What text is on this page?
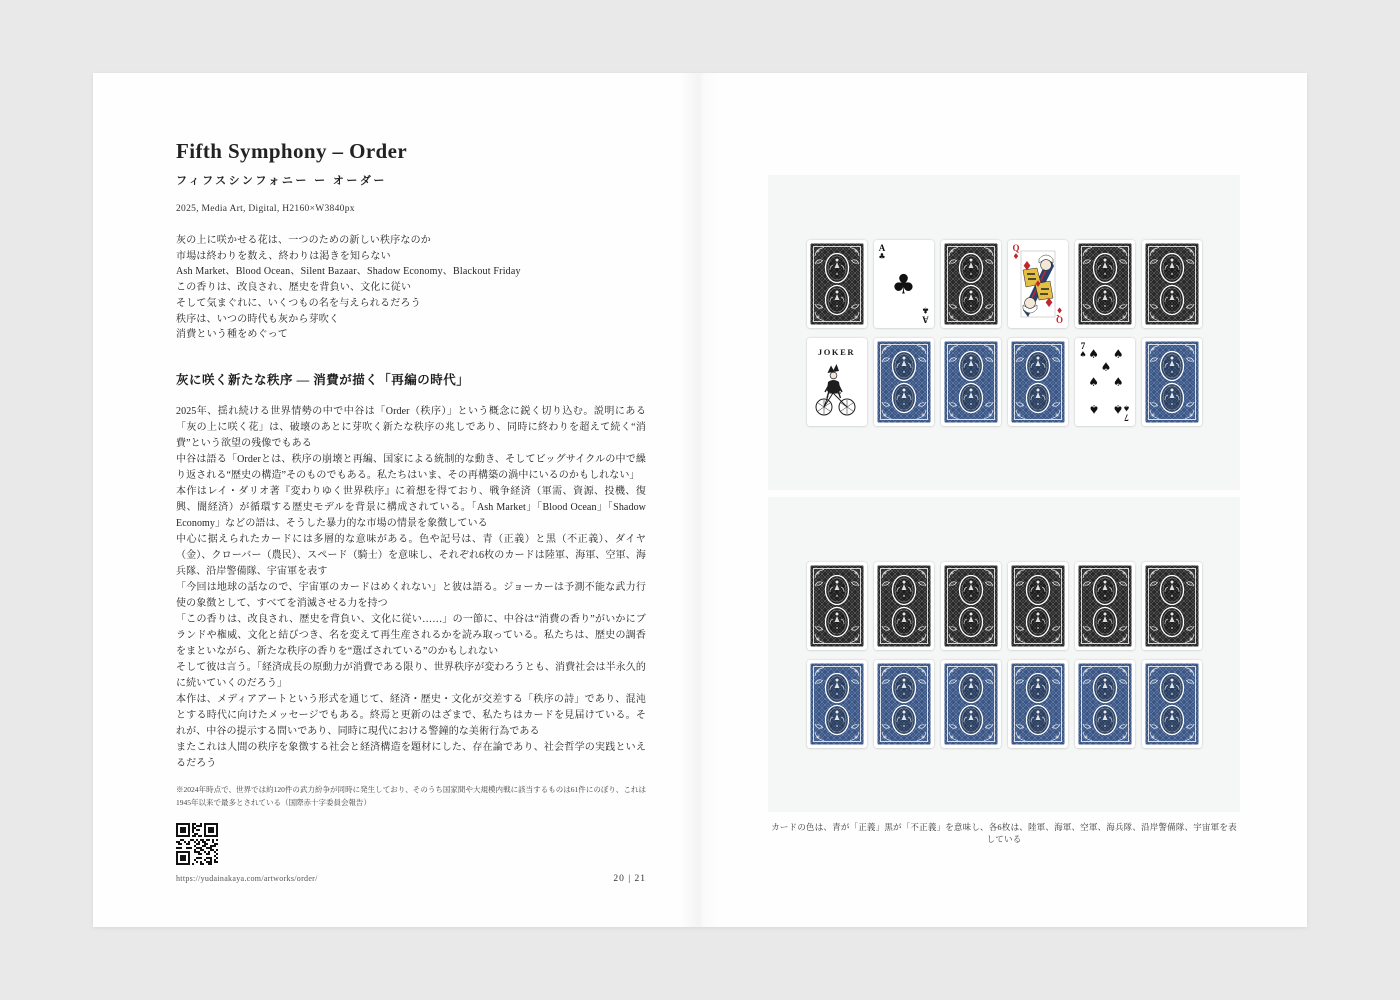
Fifth Symphony – Order
フィフスシンフォニー ー オーダー
2025, Media Art, Digital, H2160×W3840px
灰の上に咲かせる花は、一つのための新しい秩序なのか
市場は終わりを数え、終わりは渇きを知らない
Ash Market、Blood Ocean、Silent Bazaar、Shadow Economy、Blackout Friday
この香りは、改良され、歴史を背負い、文化に従い
そして気まぐれに、いくつもの名を与えられるだろう
秩序は、いつの時代も灰から芽吹く
消費という種をめぐって
灰に咲く新たな秩序 ― 消費が描く「再編の時代」
2025年、揺れ続ける世界情勢の中で中谷は「Order（秩序）」という概念に鋭く切り込む。説明にある「灰の上に咲く花」は、破壊のあとに芽吹く新たな秩序の兆しであり、同時に終わりを超えて続く“消費”という欲望の残像でもある
中谷は語る「Orderとは、秩序の崩壊と再編、国家による統制的な動き、そしてビッグサイクルの中で繰り返される“歴史の構造”そのものでもある。私たちはいま、その再構築の渦中にいるのかもしれない」
本作はレイ・ダリオ著『変わりゆく世界秩序』に着想を得ており、戦争経済（軍需、資源、投機、復興、闇経済）が循環する歴史モデルを背景に構成されている。「Ash Market」「Blood Ocean」「Shadow Economy」などの語は、そうした暴力的な市場の情景を象徴している
中心に据えられたカードには多層的な意味がある。色や記号は、青（正義）と黒（不正義）、ダイヤ（金）、クローバー（農民）、スペード（騎士）を意味し、それぞれ6枚のカードは陸軍、海軍、空軍、海兵隊、沿岸警備隊、宇宙軍を表す
「今回は地球の話なので、宇宙軍のカードはめくれない」と彼は語る。ジョーカーは予測不能な武力行使の象徴として、すべてを消滅させる力を持つ
「この香りは、改良され、歴史を背負い、文化に従い……」の一節に、中谷は“消費の香り”がいかにブランドや権威、文化と結びつき、名を変えて再生産されるかを読み取っている。私たちは、歴史の調香をまといながら、新たな秩序の香りを“選ばされている”のかもしれない
そして彼は言う。「経済成長の原動力が消費である限り、世界秩序が変わろうとも、消費社会は半永久的に続いていくのだろう」
本作は、メディアアートという形式を通じて、経済・歴史・文化が交差する「秩序の詩」であり、混沌とする時代に向けたメッセージでもある。終焉と更新のはざまで、私たちはカードを見届けている。それが、中谷の提示する問いであり、同時に現代における警鐘的な美術行為である
またこれは人間の秩序を象徴する社会と経済構造を題材にした、存在論であり、社会哲学の実践といえるだろう
※2024年時点で、世界では約120件の武力紛争が同時に発生しており、そのうち国家間や大規模内戦に該当するものは61件にのぼり、これは1945年以来で最多とされている（国際赤十字委員会報告）
https://yudainakaya.com/artworks/order/	20 | 21
A
♣
A
♣
♣
Q
♦
Q
♦
JOKER
7
♠
7
♠
♠ ♠
♠
♠ ♠
♠ ♠
カードの色は、青が「正義」黒が「不正義」を意味し、各6枚は、陸軍、海軍、空軍、海兵隊、沿岸警備隊、宇宙軍を表している
